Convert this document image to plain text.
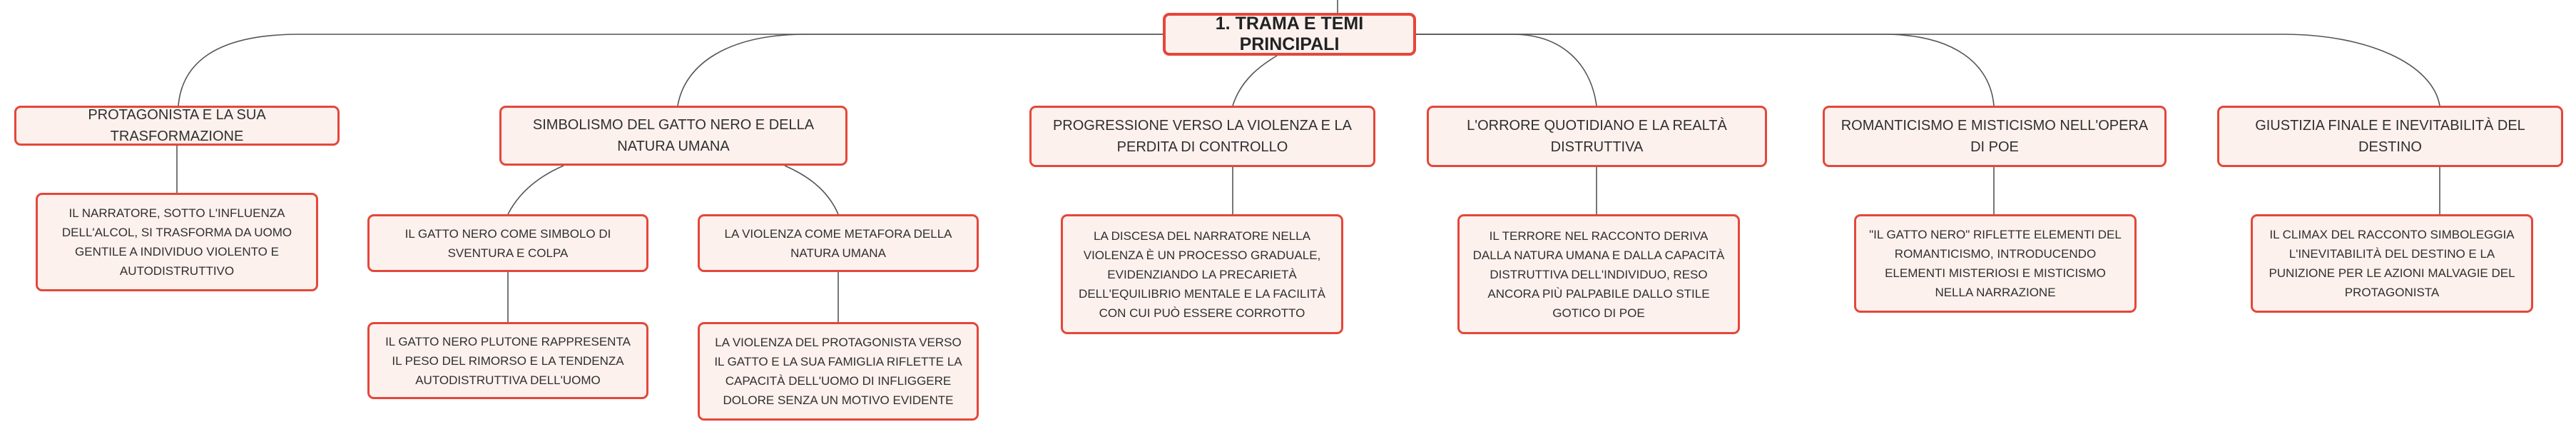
1. TRAMA E TEMI PRINCIPALI
PROTAGONISTA E LA SUA TRASFORMAZIONE
IL NARRATORE, SOTTO L'INFLUENZA DELL'ALCOL, SI TRASFORMA DA UOMO GENTILE A INDIVIDUO VIOLENTO E AUTODISTRUTTIVO
SIMBOLISMO DEL GATTO NERO E DELLA NATURA UMANA
IL GATTO NERO COME SIMBOLO DI SVENTURA E COLPA
IL GATTO NERO PLUTONE RAPPRESENTA IL PESO DEL RIMORSO E LA TENDENZA AUTODISTRUTTIVA DELL'UOMO
LA VIOLENZA COME METAFORA DELLA NATURA UMANA
LA VIOLENZA DEL PROTAGONISTA VERSO IL GATTO E LA SUA FAMIGLIA RIFLETTE LA CAPACITÀ DELL'UOMO DI INFLIGGERE DOLORE SENZA UN MOTIVO EVIDENTE
PROGRESSIONE VERSO LA VIOLENZA E LA PERDITA DI CONTROLLO
LA DISCESA DEL NARRATORE NELLA VIOLENZA È UN PROCESSO GRADUALE, EVIDENZIANDO LA PRECARIETÀ DELL'EQUILIBRIO MENTALE E LA FACILITÀ CON CUI PUÒ ESSERE CORROTTO
L'ORRORE QUOTIDIANO E LA REALTÀ DISTRUTTIVA
IL TERRORE NEL RACCONTO DERIVA DALLA NATURA UMANA E DALLA CAPACITÀ DISTRUTTIVA DELL'INDIVIDUO, RESO ANCORA PIÙ PALPABILE DALLO STILE GOTICO DI POE
ROMANTICISMO E MISTICISMO NELL'OPERA DI POE
"IL GATTO NERO" RIFLETTE ELEMENTI DEL ROMANTICISMO, INTRODUCENDO ELEMENTI MISTERIOSI E MISTICISMO NELLA NARRAZIONE
GIUSTIZIA FINALE E INEVITABILITÀ DEL DESTINO
IL CLIMAX DEL RACCONTO SIMBOLEGGIA L'INEVITABILITÀ DEL DESTINO E LA PUNIZIONE PER LE AZIONI MALVAGIE DEL PROTAGONISTA
